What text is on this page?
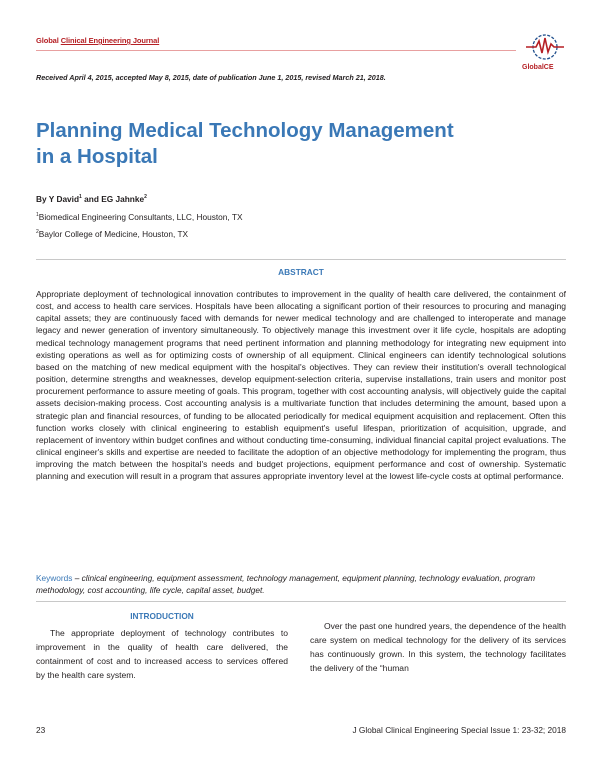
Global Clinical Engineering Journal
GlobalCE
Received April 4, 2015, accepted May 8, 2015, date of publication June 1, 2015, revised March 21, 2018.
Planning Medical Technology Management in a Hospital
By Y David$^1$ and EG Jahnke$^2$
$^1$Biomedical Engineering Consultants, LLC, Houston, TX
$^2$Baylor College of Medicine, Houston, TX
ABSTRACT
Appropriate deployment of technological innovation contributes to improvement in the quality of health care delivered, the containment of cost, and access to health care services. Hospitals have been allocating a significant portion of their resources to procuring and managing capital assets; they are continuously faced with demands for newer medical technology and are challenged to interoperate and manage legacy and newer generation of inventory simultaneously. To objectively manage this investment over it life cycle, hospitals are adopting medical technology management programs that need pertinent information and planning methodology for integrating new equipment into existing operations as well as for optimizing costs of ownership of all equipment. Clinical engineers can identify technological solutions based on the matching of new medical equipment with the hospital's objectives. They can review their institution's overall technological position, determine strengths and weaknesses, develop equipment-selection criteria, supervise installations, train users and monitor post procurement performance to assure meeting of goals. This program, together with cost accounting analysis, will objectively guide the capital assets decision-making process. Cost accounting analysis is a multivariate function that includes determining the amount, based upon a strategic plan and financial resources, of funding to be allocated periodically for medical equipment acquisition and replacement. Often this function works closely with clinical engineering to establish equipment's useful lifespan, prioritization of acquisition, upgrade, and replacement of inventory within budget confines and without conducting time-consuming, individual financial capital project evaluations. The clinical engineer's skills and expertise are needed to facilitate the adoption of an objective methodology for implementing the program, thus improving the match between the hospital's needs and budget projections, equipment performance and cost of ownership. Systematic planning and execution will result in a program that assures appropriate inventory level at the lowest life-cycle costs at optimal performance.
Keywords – clinical engineering, equipment assessment, technology management, equipment planning, technology evaluation, program methodology, cost accounting, life cycle, capital asset, budget.
INTRODUCTION
The appropriate deployment of technology contributes to improvement in the quality of health care delivered, the containment of cost and to increased access to services offered by the health care system.
Over the past one hundred years, the dependence of the health care system on medical technology for the delivery of its services has continuously grown. In this system, the technology facilitates the delivery of the “human
23	J Global Clinical Engineering Special Issue 1: 23-32; 2018
